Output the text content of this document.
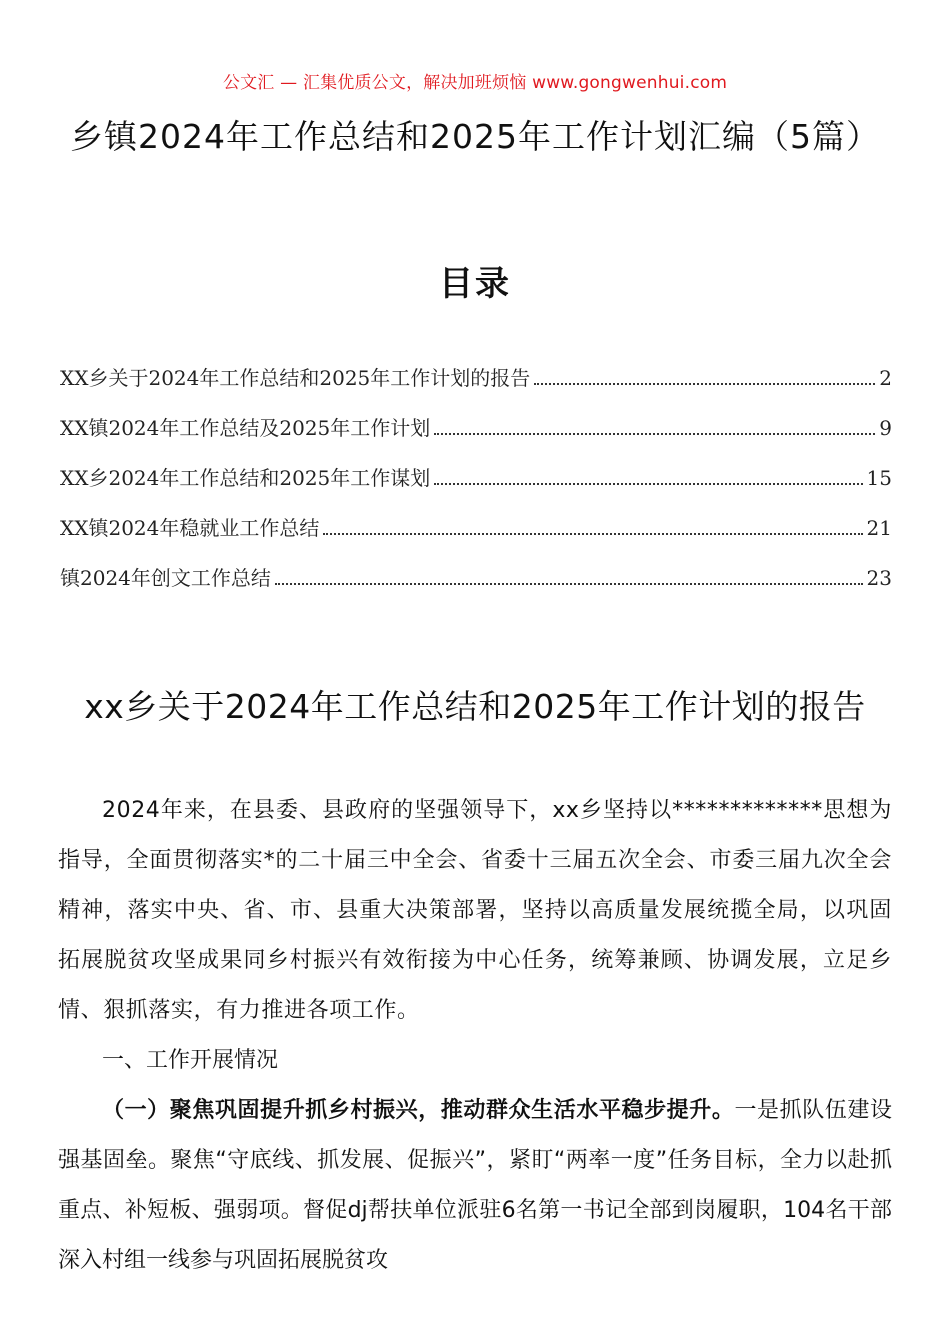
公文汇 — 汇集优质公文，解决加班烦恼 www.gongwenhui.com
乡镇2024年工作总结和2025年工作计划汇编（5篇）
目录
XX乡关于2024年工作总结和2025年工作计划的报告	2
XX镇2024年工作总结及2025年工作计划	9
XX乡2024年工作总结和2025年工作谋划	15
XX镇2024年稳就业工作总结	21
镇2024年创文工作总结	23
xx乡关于2024年工作总结和2025年工作计划的报告

2024年来，在县委、县政府的坚强领导下，xx乡坚持以*************思想为指导，全面贯彻落实*的二十届三中全会、省委十三届五次全会、市委三届九次全会精神，落实中央、省、市、县重大决策部署，坚持以高质量发展统揽全局，以巩固拓展脱贫攻坚成果同乡村振兴有效衔接为中心任务，统筹兼顾、协调发展，立足乡情、狠抓落实，有力推进各项工作。

一、工作开展情况

（一）聚焦巩固提升抓乡村振兴，推动群众生活水平稳步提升。一是抓队伍建设强基固垒。聚焦“守底线、抓发展、促振兴”，紧盯“两率一度”任务目标，全力以赴抓重点、补短板、强弱项。督促dj帮扶单位派驻6名第一书记全部到岗履职，104名干部深入村组一线参与巩固拓展脱贫攻
